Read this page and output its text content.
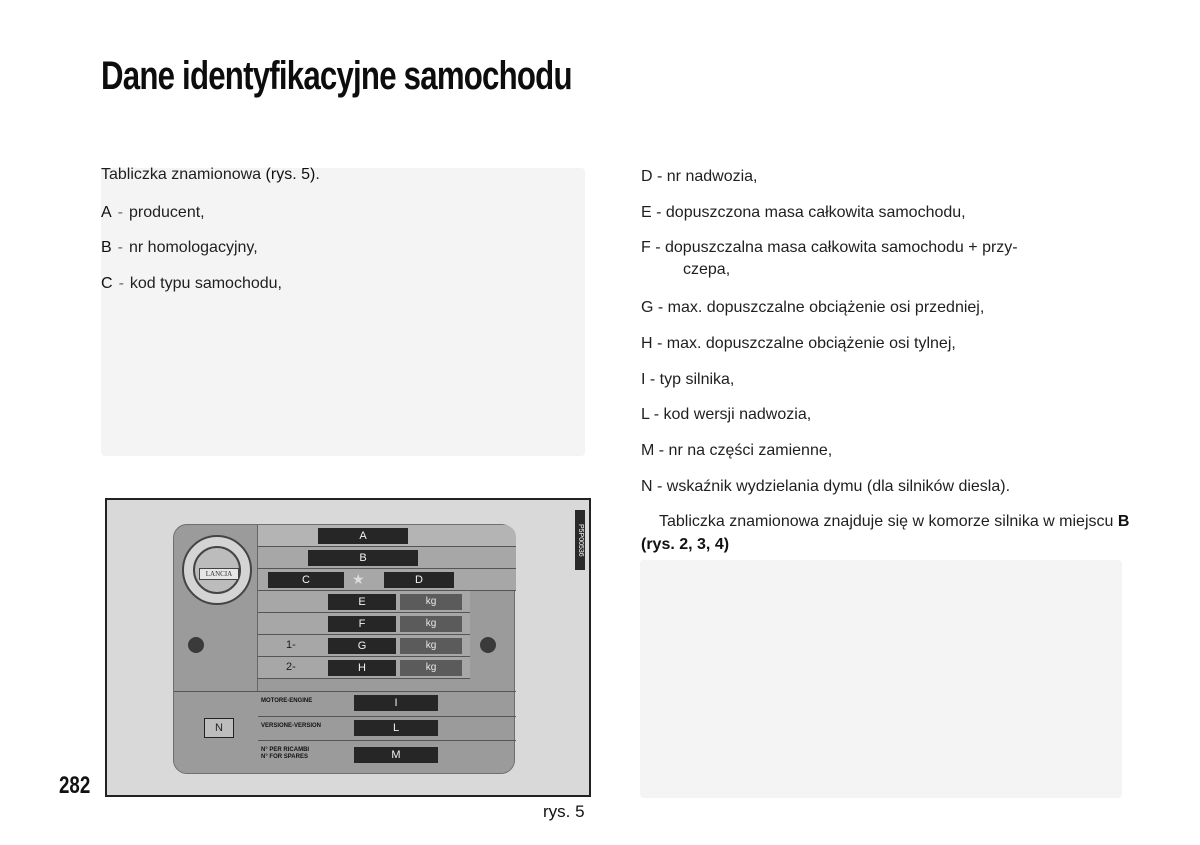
Dane identyfikacyjne samochodu

Tabliczka znamionowa (rys. 5).

A - producent,
B - nr homologacyjny,
C - kod typu samochodu,
D - nr nadwozia,
E - dopuszczona masa całkowita samochodu,
F - dopuszczalna masa całkowita samochodu + przy-
czepa,
G - max. dopuszczalne obciążenie osi przedniej,
H - max. dopuszczalne obciążenie osi tylnej,
I - typ silnika,
L - kod wersji nadwozia,
M - nr na części zamienne,
N - wskaźnik wydzielania dymu (dla silników diesla).

Tabliczka znamionowa znajduje się w komorze silnika w miejscu B (rys. 2, 3, 4)

P5P00536
LANCIA
A
B
C	★	D
E	kg
F	kg
1-	G	kg
2-	H	kg
N
MOTORE-ENGINE	I
VERSIONE-VERSION	L
N° PER RICAMBI
N° FOR SPARES	M
rys. 5
282
